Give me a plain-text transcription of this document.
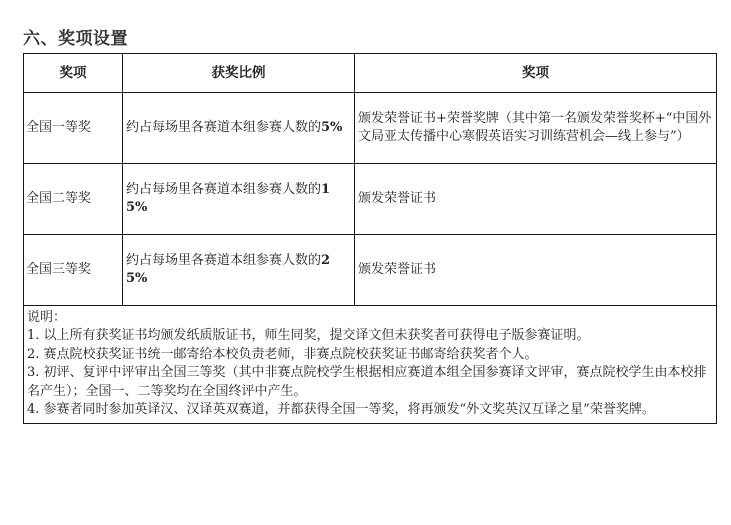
六、奖项设置
奖项	获奖比例	奖项
全国一等奖	约占每场里各赛道本组参赛人数的5%	颁发荣誉证书+荣誉奖牌（其中第一名颁发荣誉奖杯+“中国外文局亚太传播中心寒假英语实习训练营机会—线上参与”）
全国二等奖	约占每场里各赛道本组参赛人数的15%	颁发荣誉证书
全国三等奖	约占每场里各赛道本组参赛人数的25%	颁发荣誉证书

说明：
1. 以上所有获奖证书均颁发纸质版证书，师生同奖，提交译文但未获奖者可获得电子版参赛证明。
2. 赛点院校获奖证书统一邮寄给本校负责老师，非赛点院校获奖证书邮寄给获奖者个人。
3. 初评、复评中评审出全国三等奖（其中非赛点院校学生根据相应赛道本组全国参赛译文评审，赛点院校学生由本校排名产生）；全国一、二等奖均在全国终评中产生。
4. 参赛者同时参加英译汉、汉译英双赛道，并都获得全国一等奖，将再颁发“外文奖英汉互译之星”荣誉奖牌。		
